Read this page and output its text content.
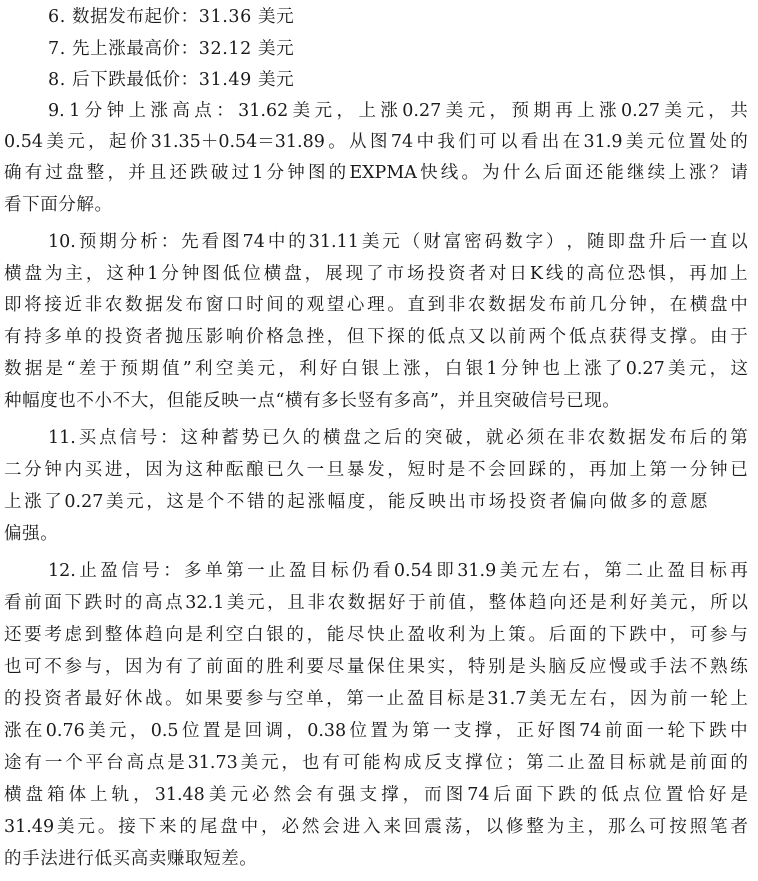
6. 数据发布起价：31.36 美元
7. 先上涨最高价：32.12 美元
8. 后下跌最低价：31.49 美元
9. 1 分 钟 上 涨 高 点 ： 31.62 美 元 ， 上 涨 0.27 美 元 ， 预 期 再 上 涨 0.27 美 元 ， 共
0.54 美 元 ， 起 价 31.35＋0.54＝31.89 。 从 图 74 中 我 们 可 以 看 出 在 31.9 美 元 位 置 处 的
确 有 过 盘 整 ， 并 且 还 跌 破 过 1 分 钟 图 的 EXPMA 快 线 。 为 什 么 后 面 还 能 继 续 上 涨 ？ 请
看下面分解。
10. 预 期 分 析 ： 先 看 图 74 中 的 31.11 美 元 （ 财 富 密 码 数 字 ） ， 随 即 盘 升 后 一 直 以
横 盘 为 主 ， 这 种 1 分 钟 图 低 位 横 盘 ， 展 现 了 市 场 投 资 者 对 日 K 线 的 高 位 恐 惧 ， 再 加 上
即 将 接 近 非 农 数 据 发 布 窗 口 时 间 的 观 望 心 理 。 直 到 非 农 数 据 发 布 前 几 分 钟 ， 在 横 盘 中
有 持 多 单 的 投 资 者 抛 压 影 响 价 格 急 挫 ， 但 下 探 的 低 点 又 以 前 两 个 低 点 获 得 支 撑 。 由 于
数 据 是 “ 差 于 预 期 值 ” 利 空 美 元 ， 利 好 白 银 上 涨 ， 白 银 1 分 钟 也 上 涨 了 0.27 美 元 ， 这
种幅度也不小不大，但能反映一点“横有多长竖有多高”，并且突破信号已现。
11. 买 点 信 号 ： 这 种 蓄 势 已 久 的 横 盘 之 后 的 突 破 ， 就 必 须 在 非 农 数 据 发 布 后 的 第
二 分 钟 内 买 进 ， 因 为 这 种 酝 酿 已 久 一 旦 暴 发 ， 短 时 是 不 会 回 踩 的 ， 再 加 上 第 一 分 钟 已
上 涨 了 0.27 美 元 ， 这 是 个 不 错 的 起 涨 幅 度 ， 能 反 映 出 市 场 投 资 者 偏 向 做 多 的 意 愿
偏强。
12. 止 盈 信 号 ： 多 单 第 一 止 盈 目 标 仍 看 0.54 即 31.9 美 元 左 右 ， 第 二 止 盈 目 标 再
看 前 面 下 跌 时 的 高 点 32.1 美 元 ， 且 非 农 数 据 好 于 前 值 ， 整 体 趋 向 还 是 利 好 美 元 ， 所 以
还 要 考 虑 到 整 体 趋 向 是 利 空 白 银 的 ， 能 尽 快 止 盈 收 利 为 上 策 。 后 面 的 下 跌 中 ， 可 参 与
也 可 不 参 与 ， 因 为 有 了 前 面 的 胜 利 要 尽 量 保 住 果 实 ， 特 别 是 头 脑 反 应 慢 或 手 法 不 熟 练
的 投 资 者 最 好 休 战 。 如 果 要 参 与 空 单 ， 第 一 止 盈 目 标 是 31.7 美 无 左 右 ， 因 为 前 一 轮 上
涨 在 0.76 美 元 ， 0.5 位 置 是 回 调 ， 0.38 位 置 为 第 一 支 撑 ， 正 好 图 74 前 面 一 轮 下 跌 中
途 有 一 个 平 台 高 点 是 31.73 美 元 ， 也 有 可 能 构 成 反 支 撑 位 ； 第 二 止 盈 目 标 就 是 前 面 的
横 盘 箱 体 上 轨 ， 31.48 美 元 必 然 会 有 强 支 撑 ， 而 图 74 后 面 下 跌 的 低 点 位 置 恰 好 是
31.49 美 元 。 接 下 来 的 尾 盘 中 ， 必 然 会 进 入 来 回 震 荡 ， 以 修 整 为 主 ， 那 么 可 按 照 笔 者
的手法进行低买高卖赚取短差。
